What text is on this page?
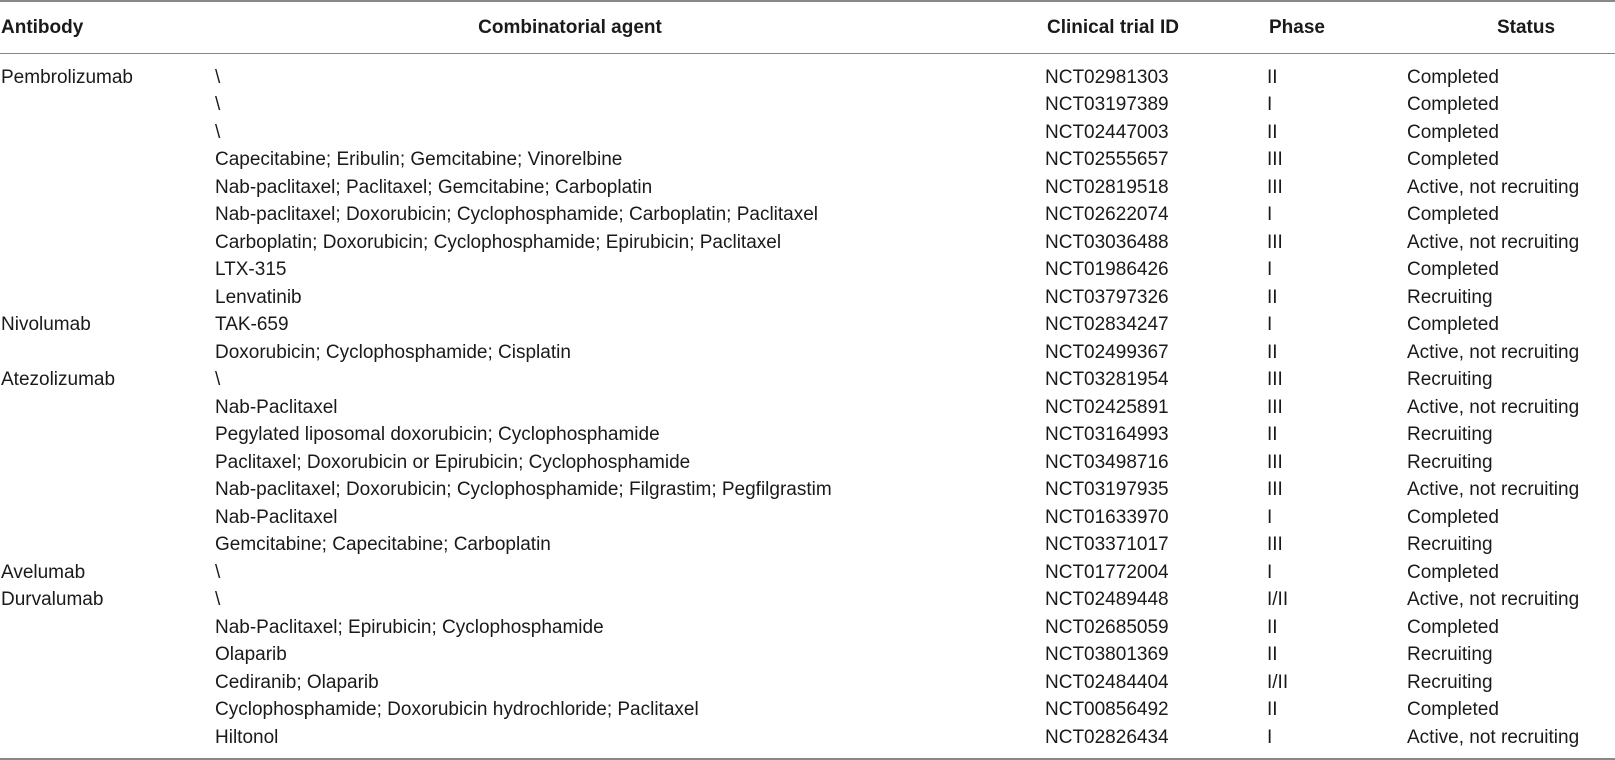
Antibody	Combinatorial agent	Clinical trial ID	Phase	Status
Pembrolizumab	\	NCT02981303	II	Completed
	\	NCT03197389	I	Completed
	\	NCT02447003	II	Completed
	Capecitabine; Eribulin; Gemcitabine; Vinorelbine	NCT02555657	III	Completed
	Nab-paclitaxel; Paclitaxel; Gemcitabine; Carboplatin	NCT02819518	III	Active, not recruiting
	Nab-paclitaxel; Doxorubicin; Cyclophosphamide; Carboplatin; Paclitaxel	NCT02622074	I	Completed
	Carboplatin; Doxorubicin; Cyclophosphamide; Epirubicin; Paclitaxel	NCT03036488	III	Active, not recruiting
	LTX-315	NCT01986426	I	Completed
	Lenvatinib	NCT03797326	II	Recruiting
Nivolumab	TAK-659	NCT02834247	I	Completed
	Doxorubicin; Cyclophosphamide; Cisplatin	NCT02499367	II	Active, not recruiting
Atezolizumab	\	NCT03281954	III	Recruiting
	Nab-Paclitaxel	NCT02425891	III	Active, not recruiting
	Pegylated liposomal doxorubicin; Cyclophosphamide	NCT03164993	II	Recruiting
	Paclitaxel; Doxorubicin or Epirubicin; Cyclophosphamide	NCT03498716	III	Recruiting
	Nab-paclitaxel; Doxorubicin; Cyclophosphamide; Filgrastim; Pegfilgrastim	NCT03197935	III	Active, not recruiting
	Nab-Paclitaxel	NCT01633970	I	Completed
	Gemcitabine; Capecitabine; Carboplatin	NCT03371017	III	Recruiting
Avelumab	\	NCT01772004	I	Completed
Durvalumab	\	NCT02489448	I/II	Active, not recruiting
	Nab-Paclitaxel; Epirubicin; Cyclophosphamide	NCT02685059	II	Completed
	Olaparib	NCT03801369	II	Recruiting
	Cediranib; Olaparib	NCT02484404	I/II	Recruiting
	Cyclophosphamide; Doxorubicin hydrochloride; Paclitaxel	NCT00856492	II	Completed
	Hiltonol	NCT02826434	I	Active, not recruiting
